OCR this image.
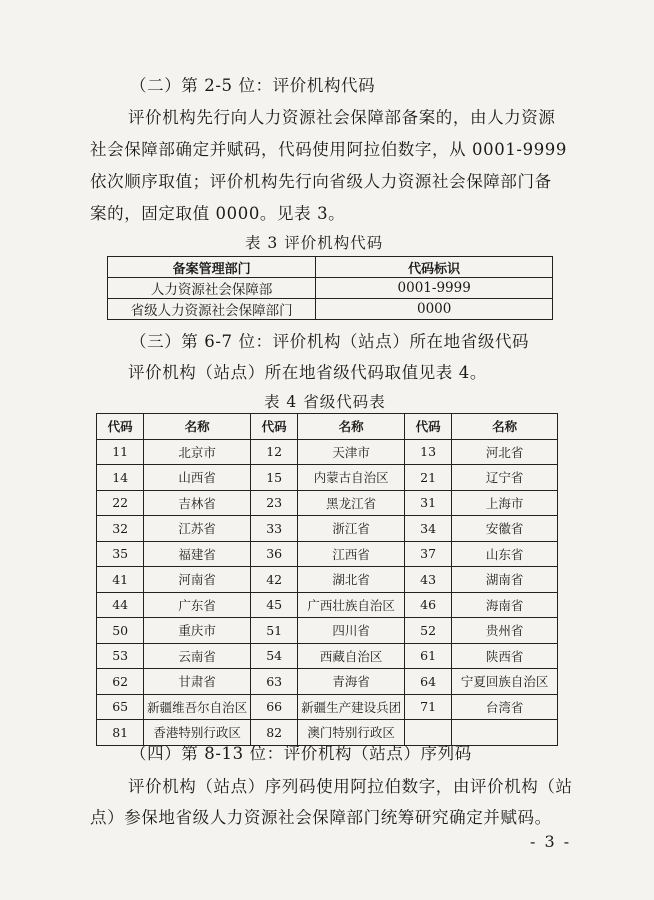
（二）第 2-5 位：评价机构代码
评价机构先行向人力资源社会保障部备案的，由人力资源
社会保障部确定并赋码，代码使用阿拉伯数字，从 0001-9999
依次顺序取值；评价机构先行向省级人力资源社会保障部门备
案的，固定取值 0000。见表 3。
表 3 评价机构代码
备案管理部门	代码标识
人力资源社会保障部	0001-9999
省级人力资源社会保障部门	0000
（三）第 6-7 位：评价机构（站点）所在地省级代码
评价机构（站点）所在地省级代码取值见表 4。
表 4 省级代码表
代码	名称	代码	名称	代码	名称
11	北京市	12	天津市	13	河北省
14	山西省	15	内蒙古自治区	21	辽宁省
22	吉林省	23	黑龙江省	31	上海市
32	江苏省	33	浙江省	34	安徽省
35	福建省	36	江西省	37	山东省
41	河南省	42	湖北省	43	湖南省
44	广东省	45	广西壮族自治区	46	海南省
50	重庆市	51	四川省	52	贵州省
53	云南省	54	西藏自治区	61	陕西省
62	甘肃省	63	青海省	64	宁夏回族自治区
65	新疆维吾尔自治区	66	新疆生产建设兵团	71	台湾省
81	香港特别行政区	82	澳门特别行政区		
（四）第 8-13 位：评价机构（站点）序列码
评价机构（站点）序列码使用阿拉伯数字，由评价机构（站
点）参保地省级人力资源社会保障部门统筹研究确定并赋码。
- 3 -
